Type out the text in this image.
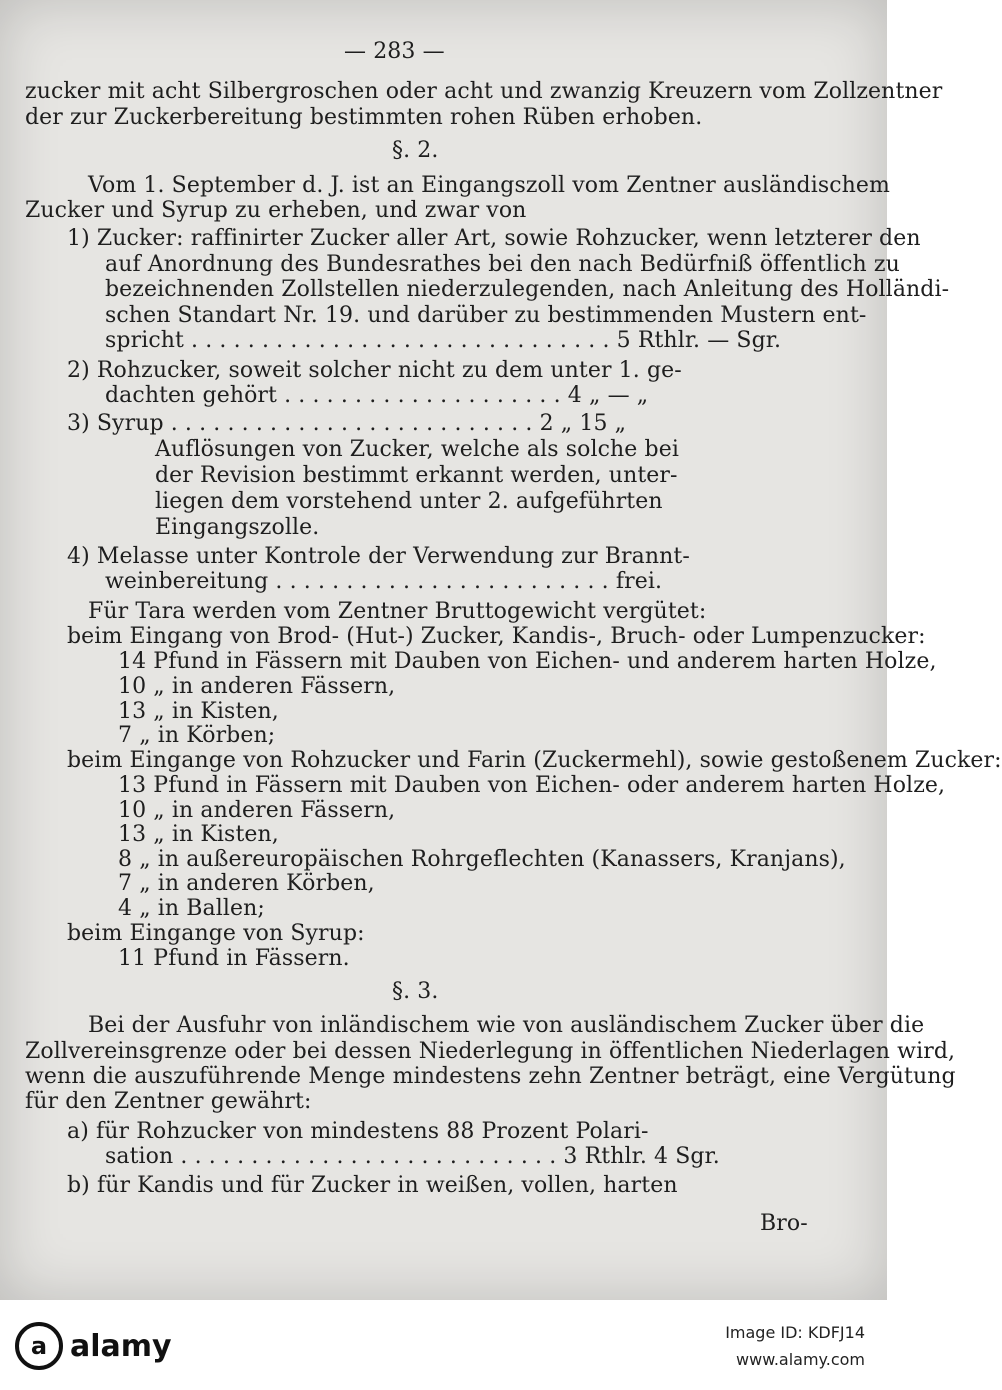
— 283 —
zucker mit acht Silbergroschen oder acht und zwanzig Kreuzern vom Zollzentner
der zur Zuckerbereitung bestimmten rohen Rüben erhoben.
§. 2.
Vom 1. September d. J. ist an Eingangszoll vom Zentner ausländischem
Zucker und Syrup zu erheben, und zwar von
1) Zucker: raffinirter Zucker aller Art, sowie Rohzucker, wenn letzterer den
auf Anordnung des Bundesrathes bei den nach Bedürfniß öffentlich zu
bezeichnenden Zollstellen niederzulegenden, nach Anleitung des Holländi-
schen Standart Nr. 19. und darüber zu bestimmenden Mustern ent-
spricht . . . . . . . . . . . . . . . . . . . . . . . . . . . . . . 5 Rthlr. — Sgr.
2) Rohzucker, soweit solcher nicht zu dem unter 1. ge-
dachten gehört . . . . . . . . . . . . . . . . . . . . 4 „ — „
3) Syrup . . . . . . . . . . . . . . . . . . . . . . . . . . 2 „ 15 „
Auflösungen von Zucker, welche als solche bei
der Revision bestimmt erkannt werden, unter-
liegen dem vorstehend unter 2. aufgeführten
Eingangszolle.
4) Melasse unter Kontrole der Verwendung zur Brannt-
weinbereitung . . . . . . . . . . . . . . . . . . . . . . . . frei.
Für Tara werden vom Zentner Bruttogewicht vergütet:
beim Eingang von Brod- (Hut-) Zucker, Kandis-, Bruch- oder Lumpenzucker:
14 Pfund in Fässern mit Dauben von Eichen- und anderem harten Holze,
10 „ in anderen Fässern,
13 „ in Kisten,
7 „ in Körben;
beim Eingange von Rohzucker und Farin (Zuckermehl), sowie gestoßenem Zucker:
13 Pfund in Fässern mit Dauben von Eichen- oder anderem harten Holze,
10 „ in anderen Fässern,
13 „ in Kisten,
8 „ in außereuropäischen Rohrgeflechten (Kanassers, Kranjans),
7 „ in anderen Körben,
4 „ in Ballen;
beim Eingange von Syrup:
11 Pfund in Fässern.
§. 3.
Bei der Ausfuhr von inländischem wie von ausländischem Zucker über die
Zollvereinsgrenze oder bei dessen Niederlegung in öffentlichen Niederlagen wird,
wenn die auszuführende Menge mindestens zehn Zentner beträgt, eine Vergütung
für den Zentner gewährt:
a) für Rohzucker von mindestens 88 Prozent Polari-
sation . . . . . . . . . . . . . . . . . . . . . . . . . . . 3 Rthlr. 4 Sgr.
b) für Kandis und für Zucker in weißen, vollen, harten
Bro-
a alamy	Image ID: KDFJ14
www.alamy.com
